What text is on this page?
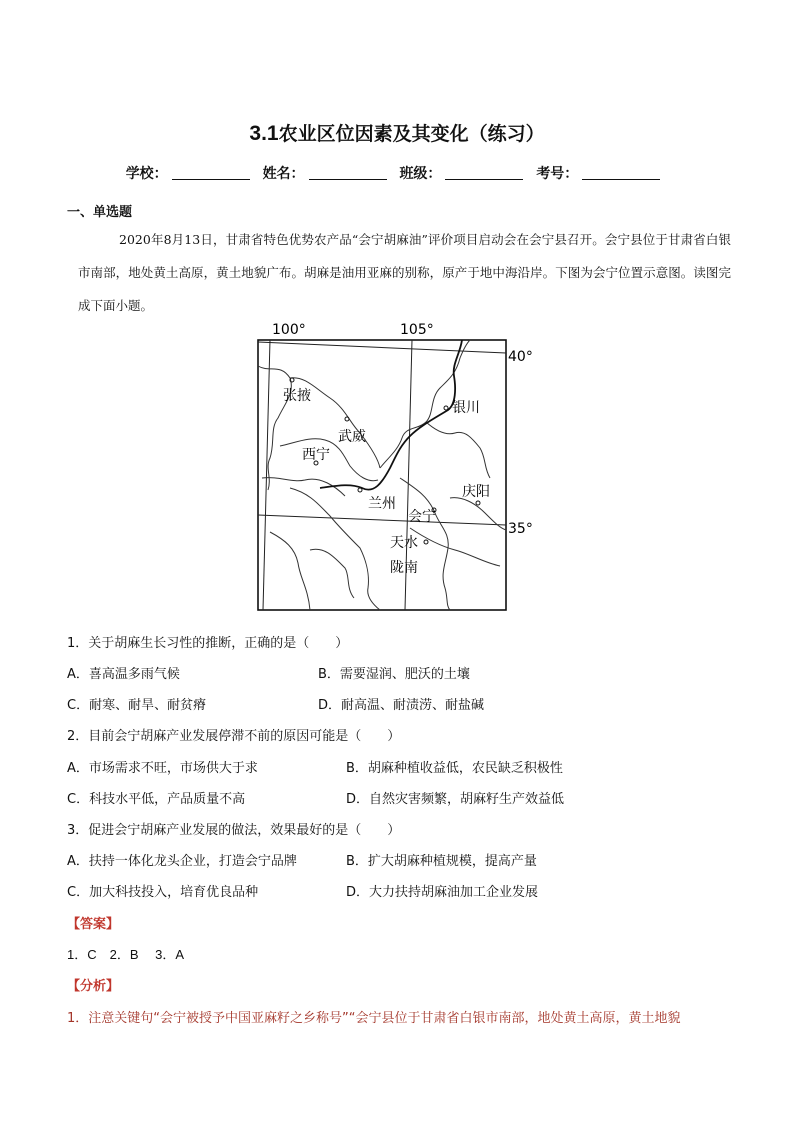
3.1农业区位因素及其变化（练习）
学校：	姓名：	班级：	考号：
一、单选题
2020年8月13日，甘肃省特色优势农产品“会宁胡麻油”评价项目启动会在会宁县召开。会宁县位于甘肃省白银市南部，地处黄土高原，黄土地貌广布。胡麻是油用亚麻的别称，原产于地中海沿岸。下图为会宁位置示意图。读图完成下面小题。
100°	105°
40°
35°
张掖
武威
西宁
兰州
银川
庆阳
会宁
天水
陇南
1．关于胡麻生长习性的推断，正确的是（　　）
A．喜高温多雨气候	B．需要湿润、肥沃的土壤
C．耐寒、耐旱、耐贫瘠	D．耐高温、耐渍涝、耐盐碱
2．目前会宁胡麻产业发展停滞不前的原因可能是（　　）
A．市场需求不旺，市场供大于求	B．胡麻种植收益低，农民缺乏积极性
C．科技水平低，产品质量不高	D．自然灾害频繁，胡麻籽生产效益低
3．促进会宁胡麻产业发展的做法，效果最好的是（　　）
A．扶持一体化龙头企业，打造会宁品牌	B．扩大胡麻种植规模，提高产量
C．加大科技投入，培育优良品种	D．大力扶持胡麻油加工企业发展
【答案】
1．C　2．B　 3．A
【分析】
1．注意关键句“会宁被授予中国亚麻籽之乡称号”“会宁县位于甘肃省白银市南部，地处黄土高原，黄土地貌
